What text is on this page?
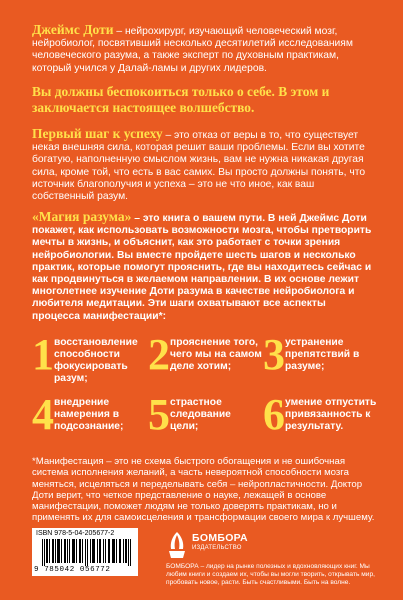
Джеймс Доти – нейрохирург, изучающий человеческий мозг, нейробиолог, посвятивший несколько десятилетий исследованиям человеческого разума, а также эксперт по духовным практикам, который учился у Далай-ламы и других лидеров.

Вы должны беспокоиться только о себе. В этом и заключается настоящее волшебство.

Первый шаг к успеху – это отказ от веры в то, что существует некая внешняя сила, которая решит ваши проблемы. Если вы хотите богатую, наполненную смыслом жизнь, вам не нужна никакая другая сила, кроме той, что есть в вас самих. Вы просто должны понять, что источник благополучия и успеха – это не что иное, как ваш собственный разум.

«Магия разума» – это книга о вашем пути. В ней Джеймс Доти покажет, как использовать возможности мозга, чтобы претворить мечты в жизнь, и объяснит, как это работает с точки зрения нейробиологии. Вы вместе пройдете шесть шагов и несколько практик, которые помогут прояснить, где вы находитесь сейчас и как продвинуться в желаемом направлении. В их основе лежит многолетнее изучение Доти разума в качестве нейробиолога и любителя медитации. Эти шаги охватывают все аспекты процесса манифестации*:

1 восстановление способности фокусировать разум;	2 прояснение того, чего мы на самом деле хотим; 3 устранение препятствий в разуме;
4 внедрение намерения в подсознание; 5 страстное следование цели;	6 умение отпустить привязанность к результату.

*Манифестация – это не схема быстрого обогащения и не ошибочная система исполнения желаний, а часть невероятной способности мозга меняться, исцеляться и переделывать себя – нейропластичности. Доктор Доти верит, что четкое представление о науке, лежащей в основе манифестации, поможет людям не только доверять практикам, но и применять их для самоисцеления и трансформации своего мира к лучшему.

ISBN 978-5-04-205677-2
9 785042 056772
БОМБОРА
ИЗДАТЕЛЬСТВО

БОМБОРА – лидер на рынке полезных и вдохновляющих книг. Мы любим книги и создаем их, чтобы вы могли творить, открывать мир, пробовать новое, расти. Быть счастливыми. Быть на волне.
